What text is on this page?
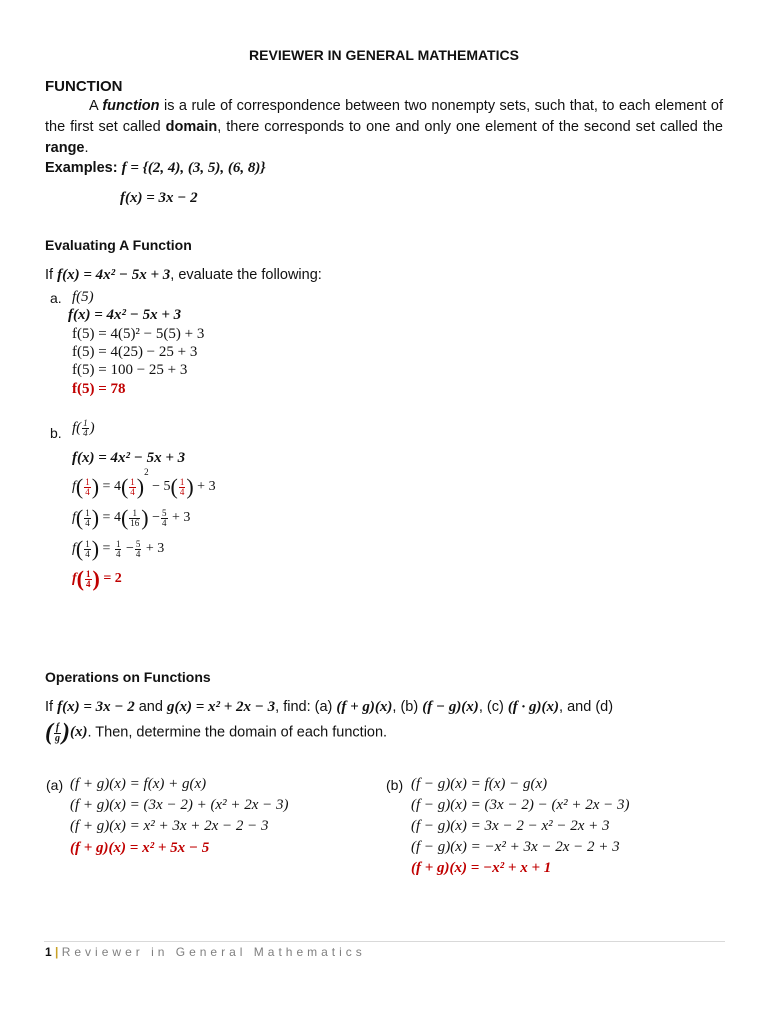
REVIEWER IN GENERAL MATHEMATICS
FUNCTION
A function is a rule of correspondence between two nonempty sets, such that, to each element of the first set called domain, there corresponds to one and only one element of the second set called the range.
Examples: f = {(2, 4), (3, 5), (6, 8)}
f(x) = 3x − 2
Evaluating A Function
If f(x) = 4x² − 5x + 3, evaluate the following:
a. f(5)
f(x) = 4x² − 5x + 3
f(5) = 4(5)² − 5(5) + 3
f(5) = 4(25) − 25 + 3
f(5) = 100 − 25 + 3
f(5) = 78
b. $f( \frac{1}{4}$ )
f(x) = 4x² − 5x + 3
$f( \frac{1}{4}$ ) = $4( \frac{1}{4} )^2 - 5( \frac{1}{4}$ ) + 3
$f( \frac{1}{4}$ ) = $4( \frac{1}{16}$ ) − $\frac{5}{4} + 3$
$f( \frac{1}{4}$ ) = $\frac{1}{4} - \frac{5}{4} + 3$
$f( \frac{1}{4}$ ) = 2
Operations on Functions
If f(x) = 3x − 2 and g(x) = x² + 2x − 3, find: (a) (f + g)(x), (b) (f − g)(x), (c) (f · g)(x), and (d)
( $\frac{f}{g} )(x)$. Then, determine the domain of each function.
(a) (f + g)(x) = f(x) + g(x)
(f + g)(x) = (3x − 2) + (x² + 2x − 3)
(f + g)(x) = x² + 3x + 2x − 2 − 3
(f + g)(x) = x² + 5x − 5
(b) (f − g)(x) = f(x) − g(x)
(f − g)(x) = (3x − 2) − (x² + 2x − 3)
(f − g)(x) = 3x − 2 − x² − 2x + 3
(f − g)(x) = −x² + 3x − 2x − 2 + 3
(f + g)(x) = −x² + x + 1
1 | Reviewer in General Mathematics
